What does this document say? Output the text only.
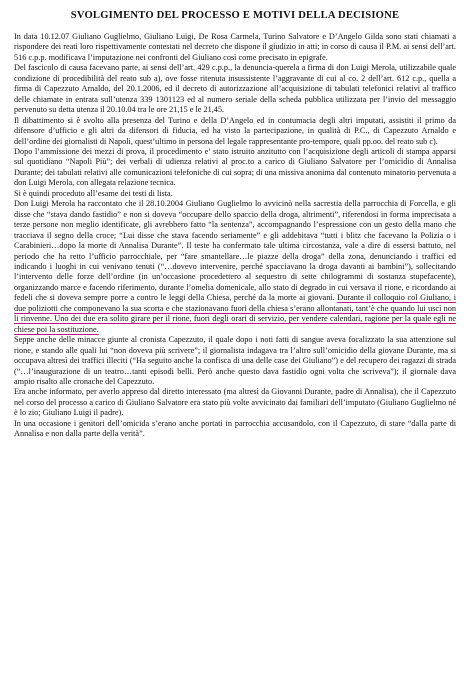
SVOLGIMENTO DEL PROCESSO E MOTIVI DELLA DECISIONE

In data 10.12.07 Giuliano Guglielmo, Giuliano Luigi, De Rosa Carmela, Turino Salvatore e D’Angelo Gilda sono stati chiamati a rispondere dei reati loro rispettivamente contestati nel decreto che dispone il giudizio in atti; in corso di causa il P.M. ai sensi dell’art. 516 c.p.p. modificava l’imputazione nei confronti del Giuliano così come precisato in epigrafe.

Del fascicolo di causa facevano parte, ai sensi dell’art. 429 c.p.p., la denuncia-querela a firma di don Luigi Merola, utilizzabile quale condizione di procedibilità del reato sub a), ove fosse ritenuta insussistente l’aggravante di cui al co. 2 dell’art. 612 c.p., quella a firma di Capezzuto Arnaldo, del 20.1.2006, ed il decreto di autorizzazione all’acquisizione di tabulati telefonici relativi al traffico delle chiamate in entrata sull’utenza 339 1301123 ed al numero seriale della scheda pubblica utilizzata per l’invio del messaggio pervenuto su detta utenza il 20.10.04 tra le ore 21,15 e le 21,45.

Il dibattimento si è svolto alla presenza del Turino e della D’Angelo ed in contumacia degli altri imputati, assistiti il primo da difensore d’ufficio e gli altri da difensori di fiducia, ed ha visto la partecipazione, in qualità di P.C., di Capezzuto Arnaldo e dell’ordine dei giornalisti di Napoli, quest’ultimo in persona del legale rappresentante pro-tempore, quali pp.oo. del reato sub c).

Dopo l’ammissione dei mezzi di prova, il procedimento e’ stato istruito anzitutto con l’acquisizione degli articoli di stampa apparsi sul quotidiano “Napoli Più”; dei verbali di udienza relativi al proc.to a carico di Giuliano Salvatore per l’omicidio di Annalisa Durante; dei tabulati relativi alle comunicazioni telefoniche di cui sopra; di una missiva anonima dal contenuto minatorio pervenuta a don Luigi Merola, con allegata relazione tecnica.

Si è quindi proceduto all’esame dei testi di lista.

Don Luigi Merola ha raccontato che il 28.10.2004 Giuliano Guglielmo lo avvicinò nella sacrestia della parrocchia di Forcella, e gli disse che “stava dando fastidio” e non si doveva “occupare dello spaccio della droga, altrimenti”, riferendosi in forma imprecisata a terze persone non meglio identificate, gli avrebbero fatto “la sentenza”, accompagnando l’espressione con un gesto della mano che tracciava il segno della croce; “Lui disse che stava facendo seriamente” e gli addebitava “tutti i blitz che facevano la Polizia o i Carabinieri…dopo la morte di Annalisa Durante”. Il teste ha confermato tale ultima circostanza, vale a dire di essersi battuto, nel periodo che ha retto l’ufficio parrocchiale, per “fare smantellare…le piazze della droga” della zona, denunciando i traffici ed indicando i luoghi in cui venivano tenuti (“…dovevo intervenire, perché spacciavano la droga davanti ai bambini”), sollecitando l’intervento delle forze dell’ordine (in un’occasione procedettero al sequestro di sette chilogrammi di sostanza stupefacente), organizzando marce e facendo riferimento, durante l’omelia domenicale, allo stato di degrado in cui versava il rione, e ricordando ai fedeli che si doveva sempre porre a contro le leggi della Chiesa, perché da la morte ai giovani. Durante il colloquio col Giuliano, i due poliziotti che componevano la sua scorta e che stazionavano fuori della chiesa s’erano allontanati, tant’è che quando lui uscì non li rinvenne. Uno dei due era solito girare per il rione, fuori degli orari di servizio, per vendere calendari, ragione per la quale egli ne chiese poi la sostituzione.

Seppe anche delle minacce giunte al cronista Capezzuto, il quale dopo i noti fatti di sangue aveva focalizzato la sua attenzione sul rione, e stando alle quali lui “non doveva più scrivere”; il giornalista indagava tra l’altro sull’omicidio della giovane Durante, ma si occupava altresì dei traffici illeciti (“Ha seguito anche la confisca di una delle case dei Giuliano”) e del recupero dei ragazzi di strada (“…l’inaugurazione di un teatro…tanti episodi belli. Però anche questo dava fastidio ogni volta che scriveva”); il giornale dava ampio risalto alle cronache del Capezzuto.

Era anche informato, per averlo appreso dal diretto interessato (ma altresì da Giovanni Durante, padre di Annalisa), che il Capezzuto nel corso del processo a carico di Giuliano Salvatore era stato più volte avvicinato dai familiari dell’imputato (Giuliano Guglielmo né è lo zio; Giuliano Luigi il padre).

In una occasione i genitori dell’omicida s’erano anche portati in parrocchia accusandolo, con il Capezzuto, di stare “dalla parte di Annalisa e non dalla parte della verità”.
